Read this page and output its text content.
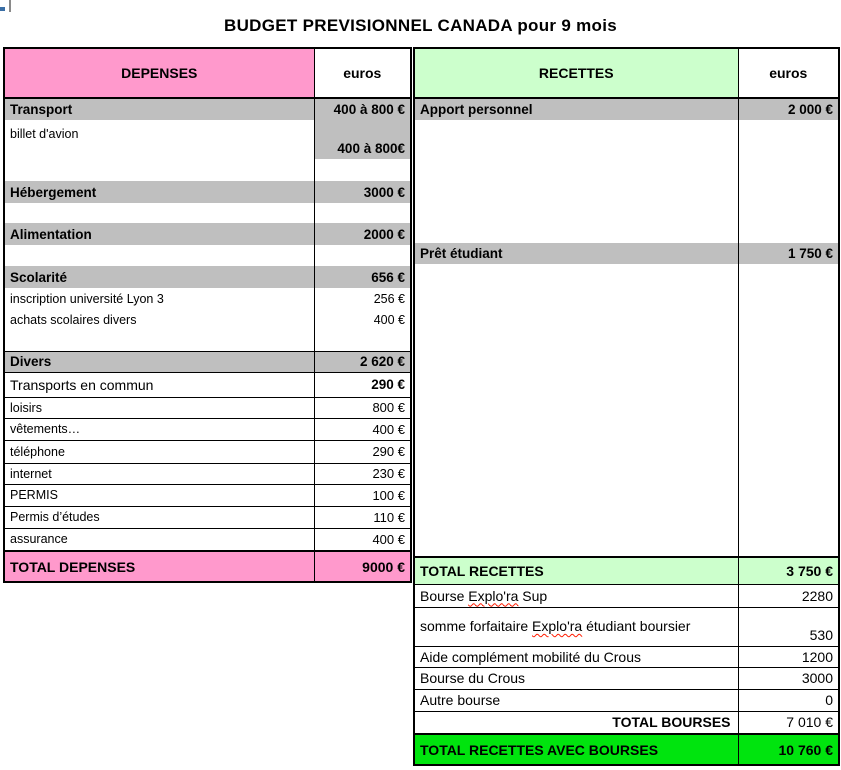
BUDGET PREVISIONNEL CANADA pour 9 mois
DEPENSES	euros
Transport	400 à 800 €
billet d'avion	400 à 800€

Hébergement	3000 €

Alimentation	2000 €

Scolarité	656 €
inscription université Lyon 3	256 €
achats scolaires divers	400 €

Divers	2 620 €
Transports en commun	290 €
loisirs	800 €
vêtements…	400 €
téléphone	290 €
internet	230 €
PERMIS	100 €
Permis d’études	110 €
assurance	400 €
TOTAL DEPENSES	9000 €
RECETTES	euros
Apport personnel	2 000 €

Prêt étudiant	1 750 €

TOTAL RECETTES	3 750 €
Bourse Explo'ra Sup	2280
somme forfaitaire Explo'ra étudiant boursier	530
Aide complément mobilité du Crous	1200
Bourse du Crous	3000
Autre bourse	0
TOTAL BOURSES	7 010 €
TOTAL RECETTES AVEC BOURSES	10 760 €
